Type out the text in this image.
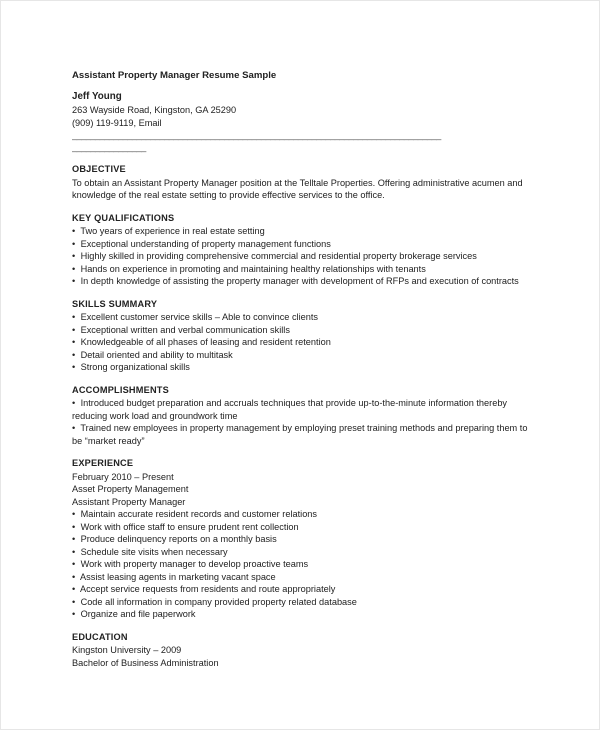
Assistant Property Manager Resume Sample
Jeff Young
263 Wayside Road, Kingston, GA 25290
(909) 119-9119, Email
________________________________________________________________________________
________________
OBJECTIVE
To obtain an Assistant Property Manager position at the Telltale Properties. Offering administrative acumen and knowledge of the real estate setting to provide effective services to the office.
KEY QUALIFICATIONS
• Two years of experience in real estate setting
• Exceptional understanding of property management functions
• Highly skilled in providing comprehensive commercial and residential property brokerage services
• Hands on experience in promoting and maintaining healthy relationships with tenants
• In depth knowledge of assisting the property manager with development of RFPs and execution of contracts
SKILLS SUMMARY
• Excellent customer service skills – Able to convince clients
• Exceptional written and verbal communication skills
• Knowledgeable of all phases of leasing and resident retention
• Detail oriented and ability to multitask
• Strong organizational skills
ACCOMPLISHMENTS
• Introduced budget preparation and accruals techniques that provide up-to-the-minute information thereby reducing work load and groundwork time
• Trained new employees in property management by employing preset training methods and preparing them to be “market ready”
EXPERIENCE
February 2010 – Present
Asset Property Management
Assistant Property Manager
• Maintain accurate resident records and customer relations
• Work with office staff to ensure prudent rent collection
• Produce delinquency reports on a monthly basis
• Schedule site visits when necessary
• Work with property manager to develop proactive teams
• Assist leasing agents in marketing vacant space
• Accept service requests from residents and route appropriately
• Code all information in company provided property related database
• Organize and file paperwork
EDUCATION
Kingston University – 2009
Bachelor of Business Administration
